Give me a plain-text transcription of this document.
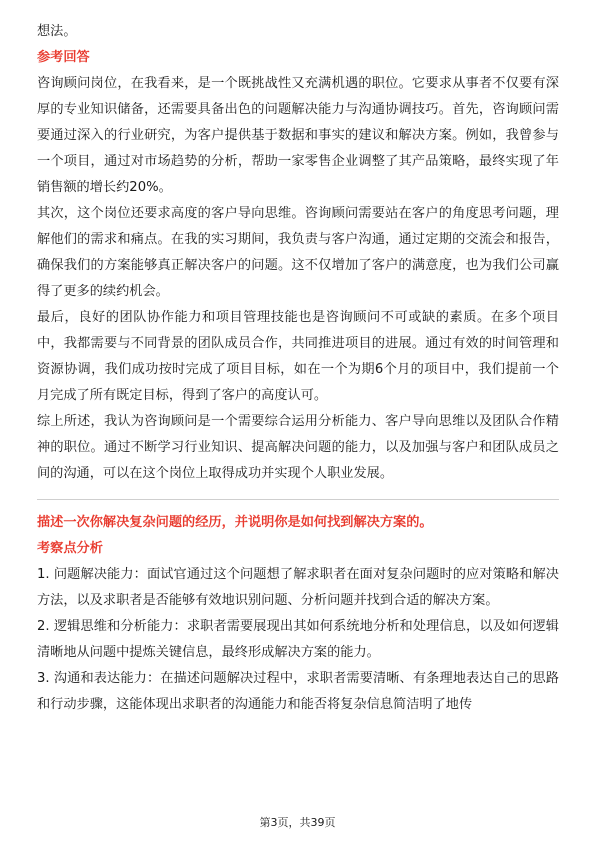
想法。

参考回答

咨询顾问岗位，在我看来，是一个既挑战性又充满机遇的职位。它要求从事者不仅要有深厚的专业知识储备，还需要具备出色的问题解决能力与沟通协调技巧。首先，咨询顾问需要通过深入的行业研究，为客户提供基于数据和事实的建议和解决方案。例如，我曾参与一个项目，通过对市场趋势的分析，帮助一家零售企业调整了其产品策略，最终实现了年销售额的增长约20%。

其次，这个岗位还要求高度的客户导向思维。咨询顾问需要站在客户的角度思考问题，理解他们的需求和痛点。在我的实习期间，我负责与客户沟通，通过定期的交流会和报告，确保我们的方案能够真正解决客户的问题。这不仅增加了客户的满意度，也为我们公司赢得了更多的续约机会。

最后，良好的团队协作能力和项目管理技能也是咨询顾问不可或缺的素质。在多个项目中，我都需要与不同背景的团队成员合作，共同推进项目的进展。通过有效的时间管理和资源协调，我们成功按时完成了项目目标，如在一个为期6个月的项目中，我们提前一个月完成了所有既定目标，得到了客户的高度认可。

综上所述，我认为咨询顾问是一个需要综合运用分析能力、客户导向思维以及团队合作精神的职位。通过不断学习行业知识、提高解决问题的能力，以及加强与客户和团队成员之间的沟通，可以在这个岗位上取得成功并实现个人职业发展。

描述一次你解决复杂问题的经历，并说明你是如何找到解决方案的。

考察点分析

1. 问题解决能力：面试官通过这个问题想了解求职者在面对复杂问题时的应对策略和解决方法，以及求职者是否能够有效地识别问题、分析问题并找到合适的解决方案。

2. 逻辑思维和分析能力：求职者需要展现出其如何系统地分析和处理信息，以及如何逻辑清晰地从问题中提炼关键信息，最终形成解决方案的能力。

3. 沟通和表达能力：在描述问题解决过程中，求职者需要清晰、有条理地表达自己的思路和行动步骤，这能体现出求职者的沟通能力和能否将复杂信息简洁明了地传

第3页，共39页
